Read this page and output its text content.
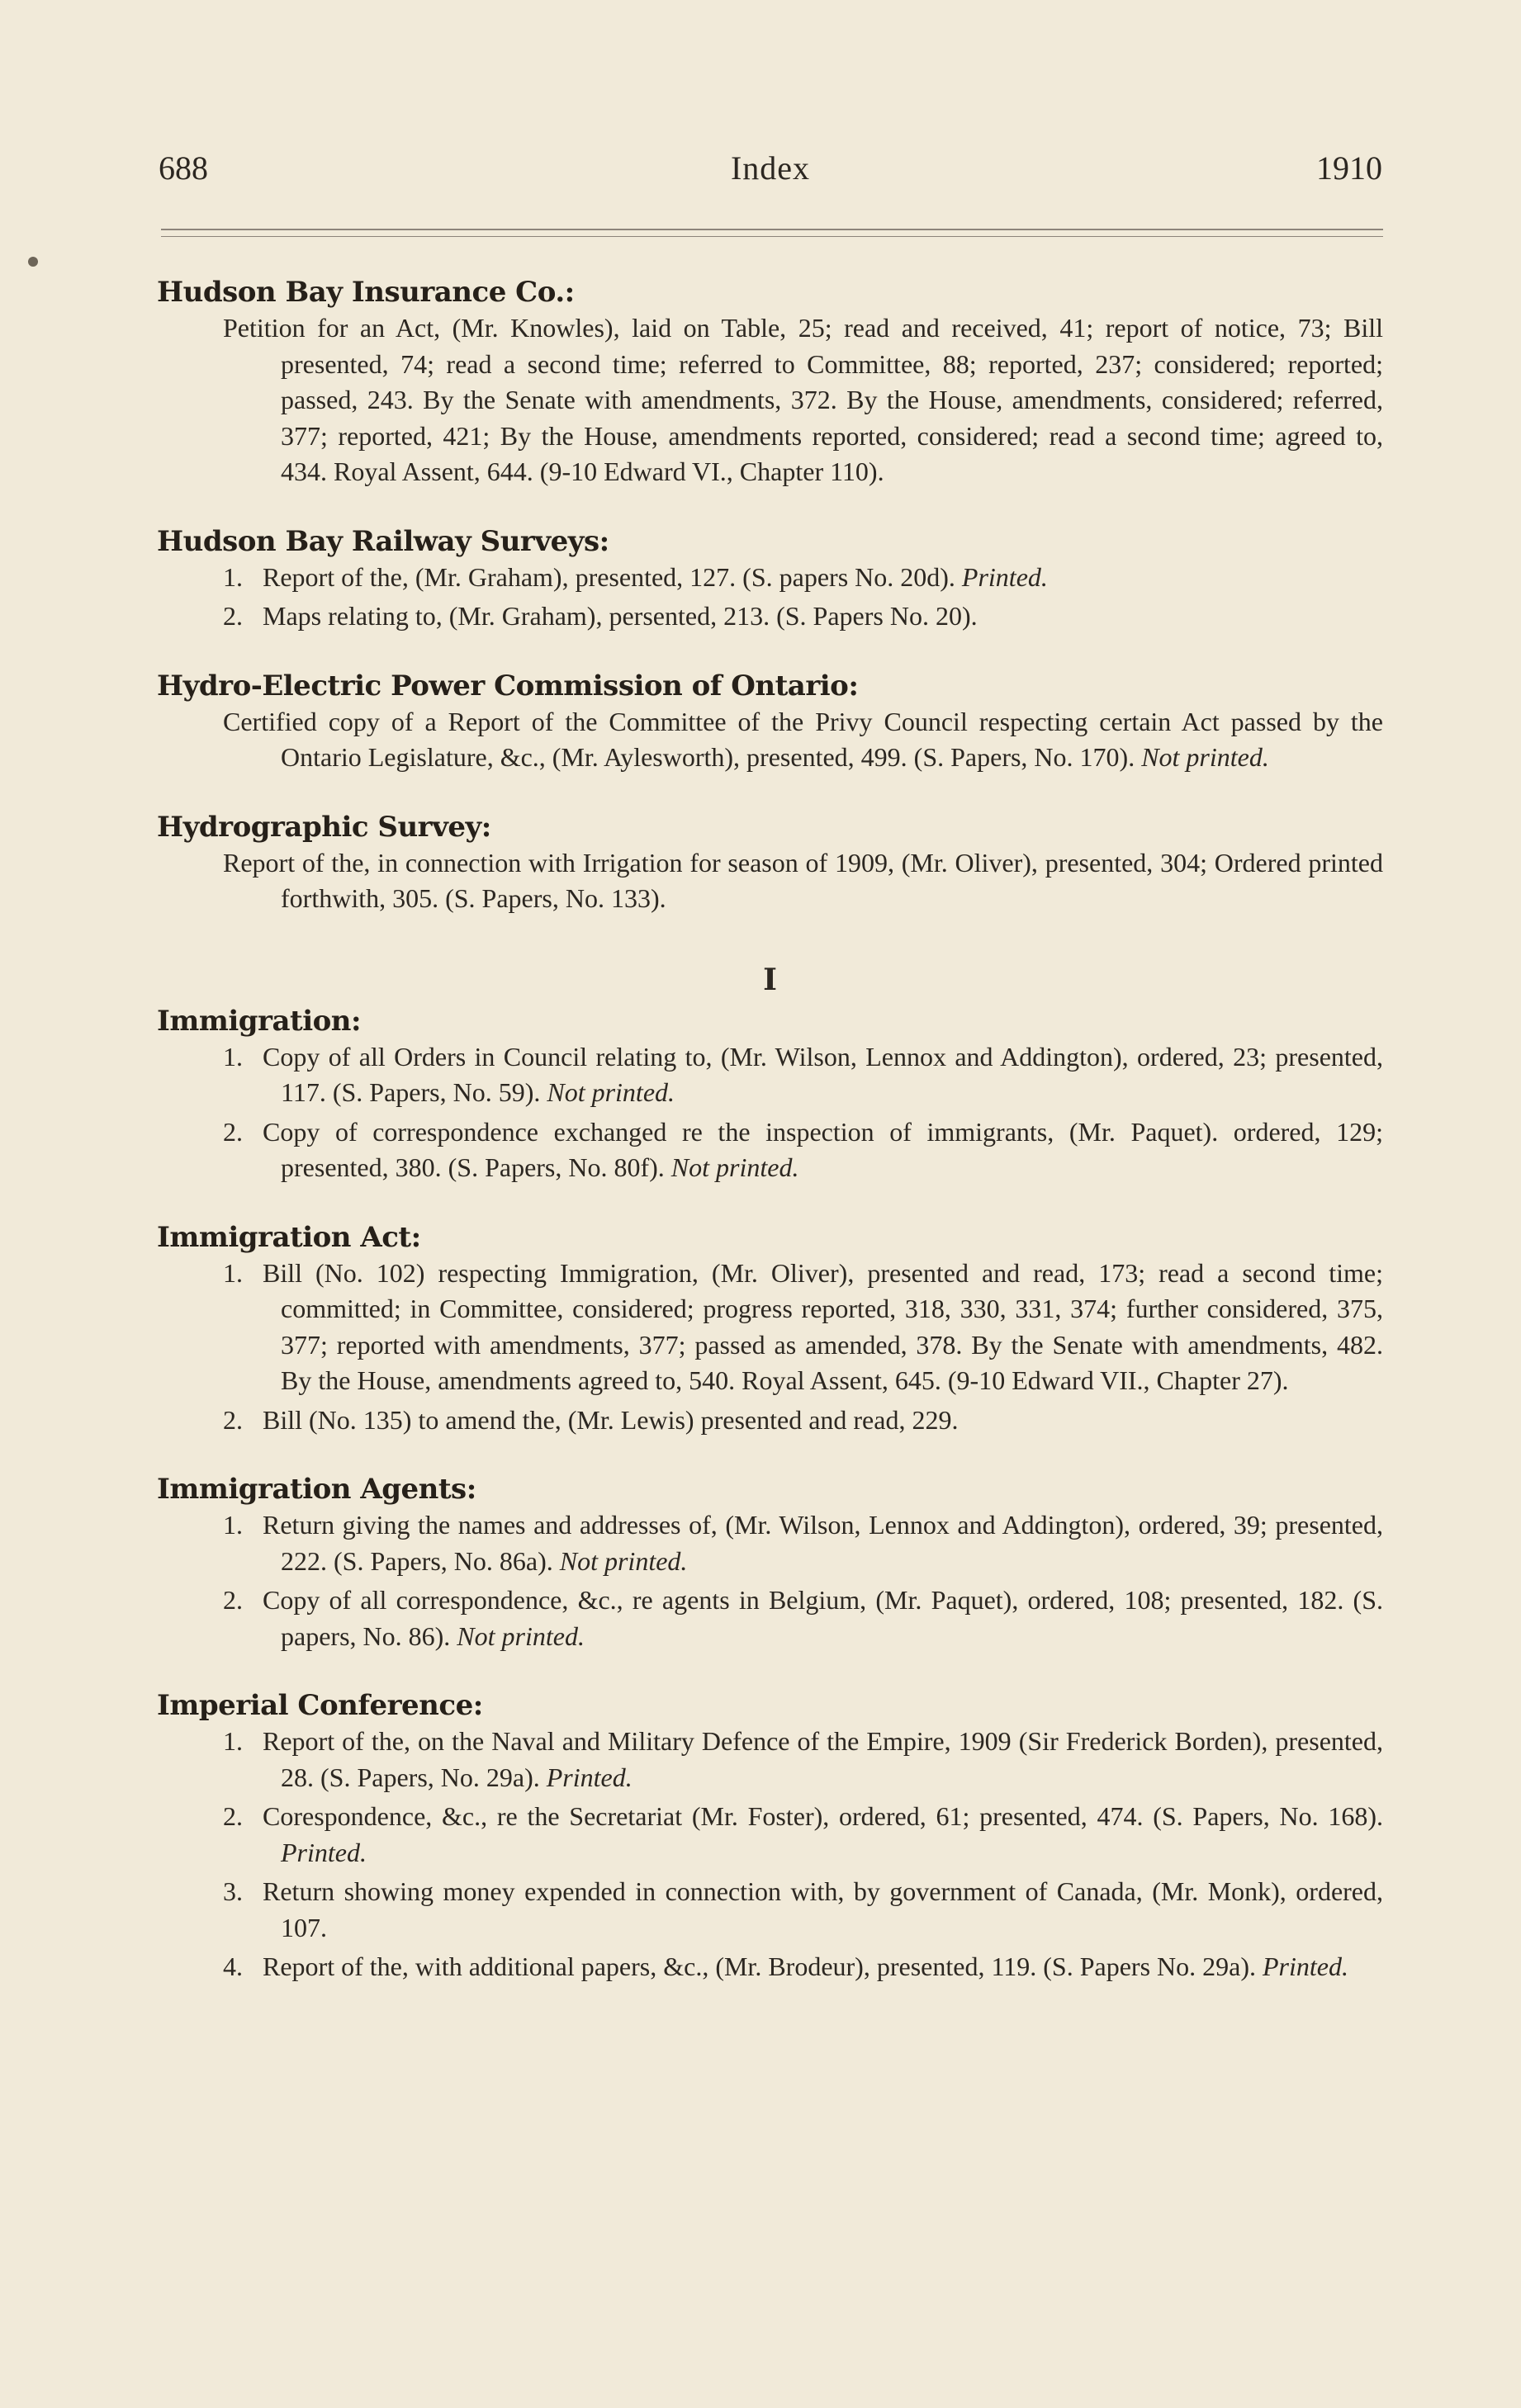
688	Index	1910

Hudson Bay Insurance Co.:

Petition for an Act, (Mr. Knowles), laid on Table, 25; read and received, 41; report of notice, 73; Bill presented, 74; read a second time; referred to Committee, 88; reported, 237; considered; reported; passed, 243. By the Senate with amendments, 372. By the House, amendments, considered; referred, 377; reported, 421; By the House, amendments reported, considered; read a second time; agreed to, 434. Royal Assent, 644. (9-10 Edward VI., Chapter 110).

Hudson Bay Railway Surveys:

1. Report of the, (Mr. Graham), presented, 127. (S. papers No. 20d). Printed.
2. Maps relating to, (Mr. Graham), persented, 213. (S. Papers No. 20).

Hydro-Electric Power Commission of Ontario:

Certified copy of a Report of the Committee of the Privy Council respecting certain Act passed by the Ontario Legislature, &c., (Mr. Aylesworth), presented, 499. (S. Papers, No. 170). Not printed.

Hydrographic Survey:

Report of the, in connection with Irrigation for season of 1909, (Mr. Oliver), presented, 304; Ordered printed forthwith, 305. (S. Papers, No. 133).
I

Immigration:

1. Copy of all Orders in Council relating to, (Mr. Wilson, Lennox and Addington), ordered, 23; presented, 117. (S. Papers, No. 59). Not printed.
2. Copy of correspondence exchanged re the inspection of immigrants, (Mr. Paquet). ordered, 129; presented, 380. (S. Papers, No. 80f). Not printed.

Immigration Act:

1. Bill (No. 102) respecting Immigration, (Mr. Oliver), presented and read, 173; read a second time; committed; in Committee, considered; progress reported, 318, 330, 331, 374; further considered, 375, 377; reported with amendments, 377; passed as amended, 378. By the Senate with amendments, 482. By the House, amendments agreed to, 540. Royal Assent, 645. (9-10 Edward VII., Chapter 27).
2. Bill (No. 135) to amend the, (Mr. Lewis) presented and read, 229.

Immigration Agents:

1. Return giving the names and addresses of, (Mr. Wilson, Lennox and Addington), ordered, 39; presented, 222. (S. Papers, No. 86a). Not printed.
2. Copy of all correspondence, &c., re agents in Belgium, (Mr. Paquet), ordered, 108; presented, 182. (S. papers, No. 86). Not printed.

Imperial Conference:

1. Report of the, on the Naval and Military Defence of the Empire, 1909 (Sir Frederick Borden), presented, 28. (S. Papers, No. 29a). Printed.
2. Corespondence, &c., re the Secretariat (Mr. Foster), ordered, 61; presented, 474. (S. Papers, No. 168). Printed.
3. Return showing money expended in connection with, by government of Canada, (Mr. Monk), ordered, 107.
4. Report of the, with additional papers, &c., (Mr. Brodeur), presented, 119. (S. Papers No. 29a). Printed.
